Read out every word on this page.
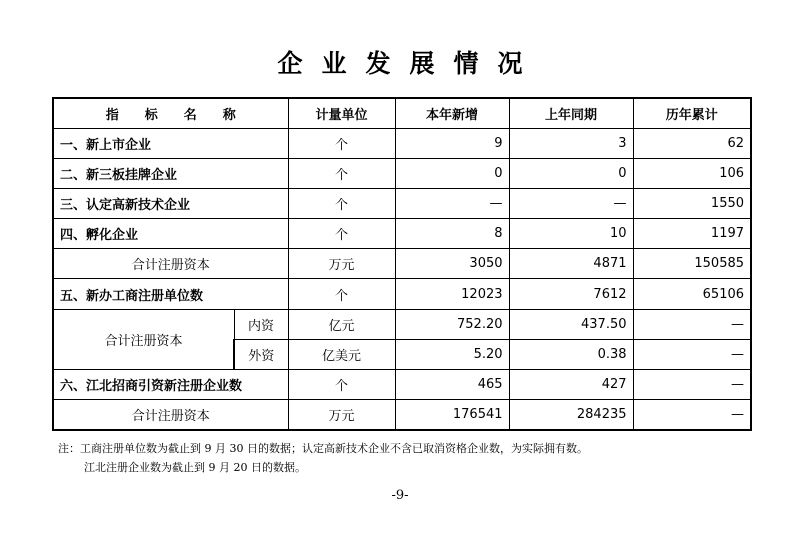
企业发展情况
指标名称		计量单位	本年新增	上年同期	历年累计
一、新上市企业		个	9	3	62
二、新三板挂牌企业		个	0	0	106
三、认定高新技术企业		个	—	—	1550
四、孵化企业		个	8	10	1197
合计注册资本		万元	3050	4871	150585
五、新办工商注册单位数		个	12023	7612	65106
合计注册资本	内资	亿元	752.20	437.50	—
	外资	亿美元	5.20	0.38	—
六、江北招商引资新注册企业数		个	465	427	—
合计注册资本		万元	176541	284235	—
注：工商注册单位数为截止到 9 月 30 日的数据；认定高新技术企业不含已取消资格企业数，为实际拥有数。
江北注册企业数为截止到 9 月 20 日的数据。
-9-
